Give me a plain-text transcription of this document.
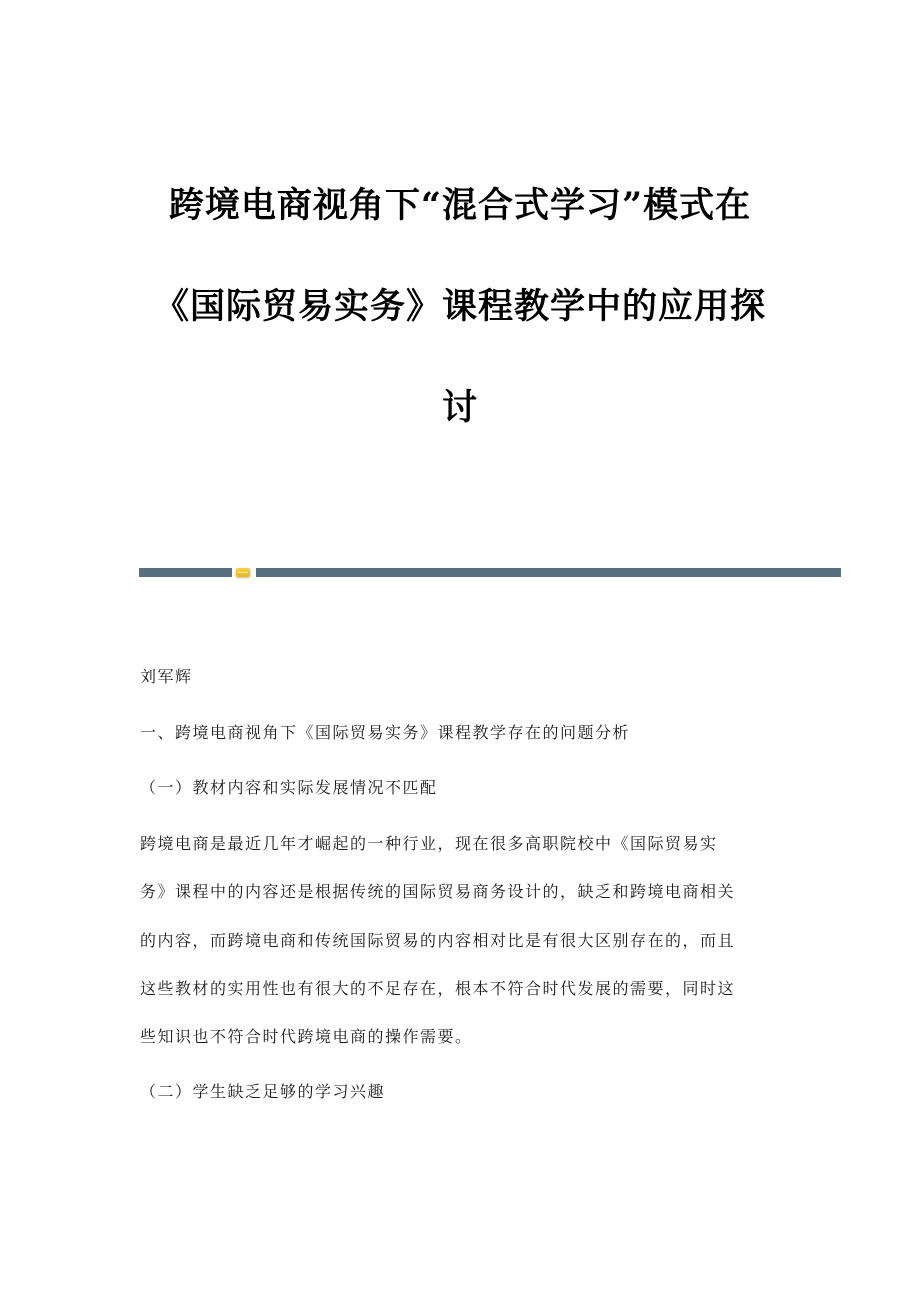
跨境电商视角下“混合式学习”模式在
《国际贸易实务》课程教学中的应用探
讨
刘军辉
一、跨境电商视角下《国际贸易实务》课程教学存在的问题分析
（一）教材内容和实际发展情况不匹配
跨境电商是最近几年才崛起的一种行业，现在很多高职院校中《国际贸易实
务》课程中的内容还是根据传统的国际贸易商务设计的，缺乏和跨境电商相关
的内容，而跨境电商和传统国际贸易的内容相对比是有很大区别存在的，而且
这些教材的实用性也有很大的不足存在，根本不符合时代发展的需要，同时这
些知识也不符合时代跨境电商的操作需要。
（二）学生缺乏足够的学习兴趣
